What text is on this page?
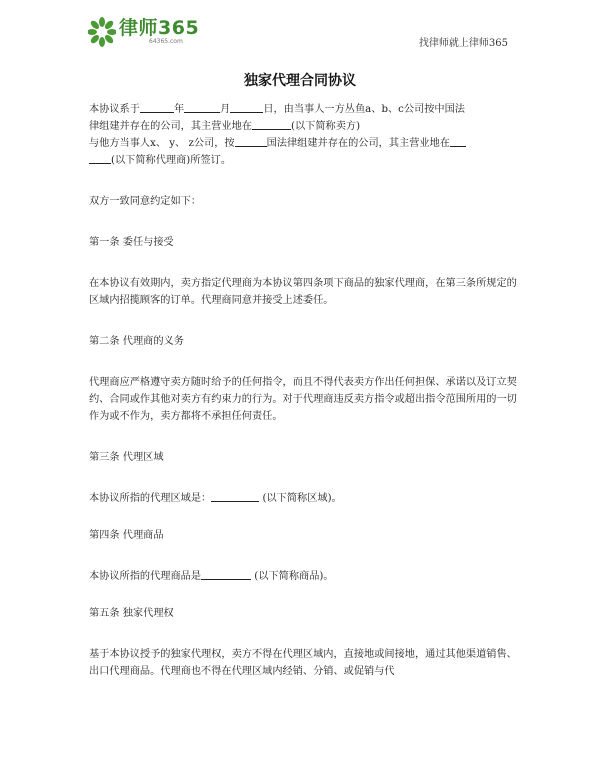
律师365
64365.com	找律师就上律师365
独家代理合同协议

本协议系于	年	月	日，由当事人一方丛鱼a、b、c公司按中国法

律组建并存在的公司，其主营业地在	(以下简称卖方)

与他方当事人x、 y、 z公司，按	国法律组建并存在的公司，其主营业地在

(以下简称代理商)所签订。

双方一致同意约定如下：

第一条 委任与接受

在本协议有效期内，卖方指定代理商为本协议第四条项下商品的独家代理商，在第三条所规定的区域内招揽顾客的订单。代理商同意并接受上述委任。

第二条 代理商的义务

代理商应严格遵守卖方随时给予的任何指令，而且不得代表卖方作出任何担保、承诺以及订立契约、合同或作其他对卖方有约束力的行为。对于代理商违反卖方指令或超出指令范围所用的一切作为或不作为，卖方都将不承担任何责任。

第三条 代理区域

本协议所指的代理区域是：	(以下简称区域)。

第四条 代理商品

本协议所指的代理商品是	(以下简称商品)。

第五条 独家代理权

基于本协议授予的独家代理权，卖方不得在代理区域内，直接地或间接地，通过其他渠道销售、出口代理商品。代理商也不得在代理区域内经销、分销、或促销与代
